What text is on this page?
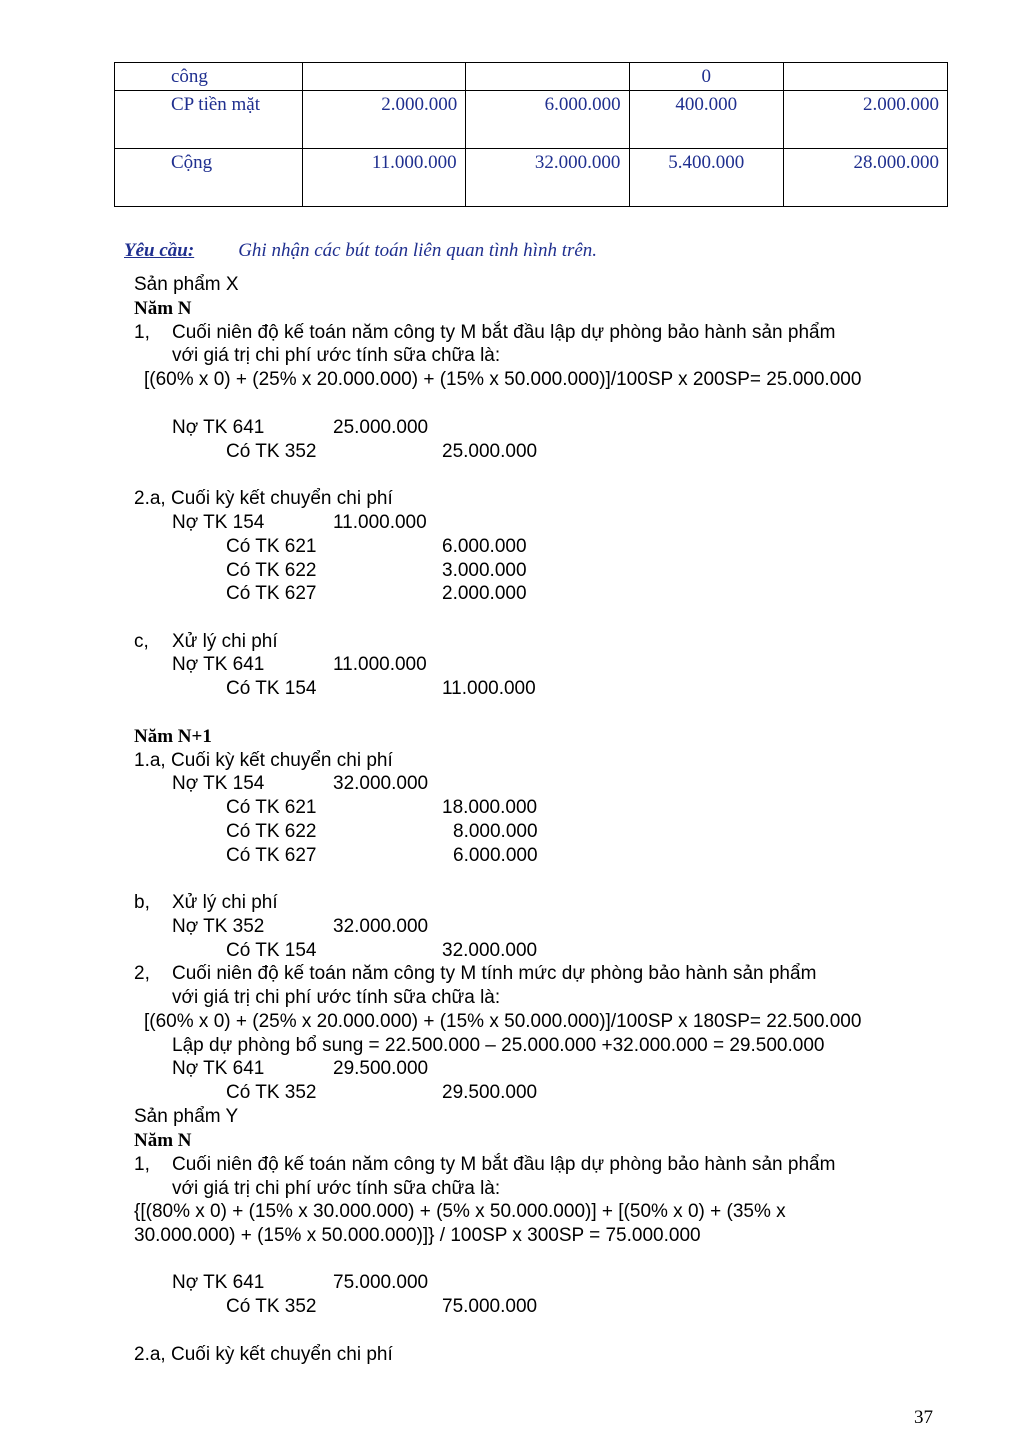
công			0	
CP tiền mặt	2.000.000	6.000.000	400.000	2.000.000
Cộng	11.000.000	32.000.000	5.400.000	28.000.000
Yêu cầu: Ghi nhận các bút toán liên quan tình hình trên.
Sản phẩm X
Năm N
1, Cuối niên độ kế toán năm công ty M bắt đầu lập dự phòng bảo hành sản phẩm
với giá trị chi phí ước tính sữa chữa là:
[(60% x 0) + (25% x 20.000.000) + (15% x 50.000.000)]/100SP x 200SP= 25.000.000
Nợ TK 641	25.000.000
Có TK 352	25.000.000
2.a, Cuối kỳ kết chuyển chi phí
Nợ TK 154	11.000.000
Có TK 621	6.000.000
Có TK 622	3.000.000
Có TK 627	2.000.000
c, Xử lý chi phí
Nợ TK 641	11.000.000
Có TK 154	11.000.000
Năm N+1
1.a, Cuối kỳ kết chuyển chi phí
Nợ TK 154	32.000.000
Có TK 621	18.000.000
Có TK 622	8.000.000
Có TK 627	6.000.000
b, Xử lý chi phí
Nợ TK 352	32.000.000
Có TK 154	32.000.000
2, Cuối niên độ kế toán năm công ty M tính mức dự phòng bảo hành sản phẩm
với giá trị chi phí ước tính sữa chữa là:
[(60% x 0) + (25% x 20.000.000) + (15% x 50.000.000)]/100SP x 180SP= 22.500.000
Lập dự phòng bổ sung = 22.500.000 – 25.000.000 +32.000.000 = 29.500.000
Nợ TK 641	29.500.000
Có TK 352	29.500.000
Sản phẩm Y
Năm N
1, Cuối niên độ kế toán năm công ty M bắt đầu lập dự phòng bảo hành sản phẩm
với giá trị chi phí ước tính sữa chữa là:
{[(80% x 0) + (15% x 30.000.000) + (5% x 50.000.000)] + [(50% x 0) + (35% x
30.000.000) + (15% x 50.000.000)]} / 100SP x 300SP = 75.000.000
Nợ TK 641	75.000.000
Có TK 352	75.000.000
2.a, Cuối kỳ kết chuyển chi phí
37
